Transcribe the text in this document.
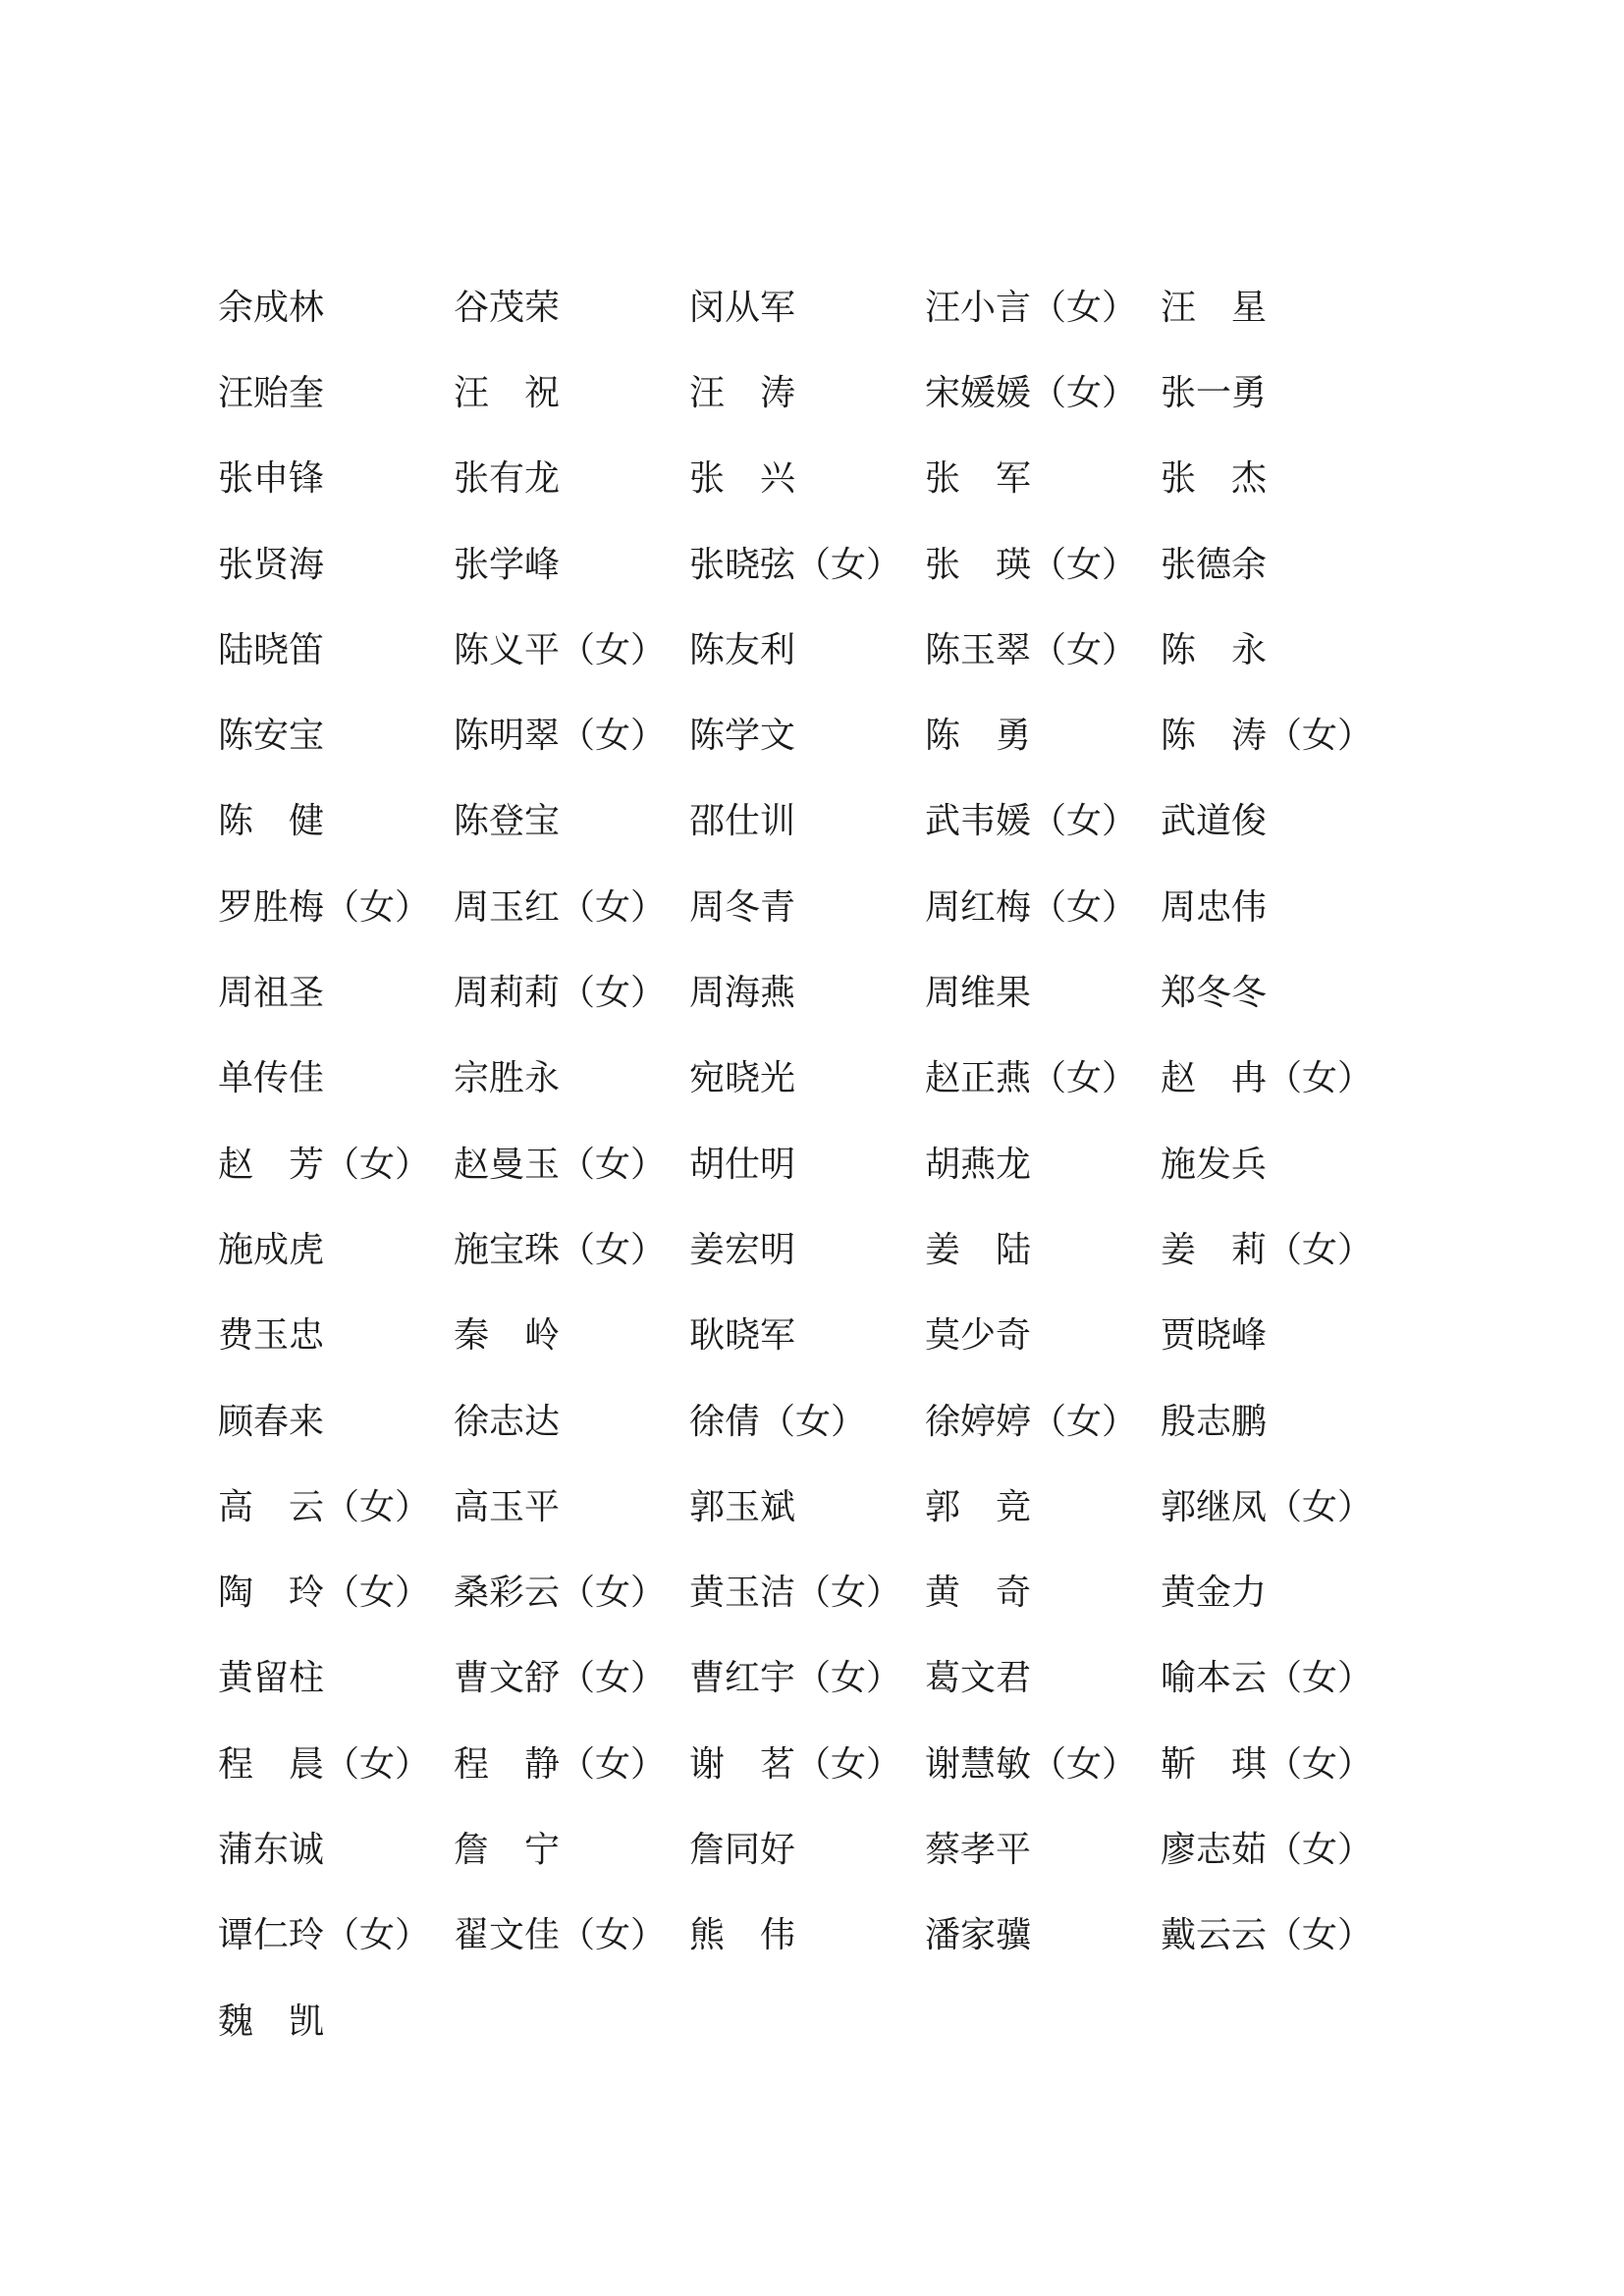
余成林	谷茂荣	闵从军	汪小言（女） 汪　星
汪贻奎	汪　祝	汪　涛	宋媛媛（女） 张一勇
张申锋	张有龙	张　兴	张　军	张　杰
张贤海	张学峰	张晓弦（女） 张　瑛（女） 张德余
陆晓笛	陈义平（女） 陈友利	陈玉翠（女） 陈　永
陈安宝	陈明翠（女） 陈学文	陈　勇	陈　涛（女）
陈　健	陈登宝	邵仕训	武韦媛（女） 武道俊
罗胜梅（女） 周玉红（女） 周冬青	周红梅（女） 周忠伟
周祖圣	周莉莉（女） 周海燕	周维果	郑冬冬
单传佳	宗胜永	宛晓光	赵正燕（女） 赵　冉（女）
赵　芳（女） 赵曼玉（女） 胡仕明	胡燕龙	施发兵
施成虎	施宝珠（女） 姜宏明	姜　陆	姜　莉（女）
费玉忠	秦　岭	耿晓军	莫少奇	贾晓峰
顾春来	徐志达	徐倩（女）	徐婷婷（女） 殷志鹏
高　云（女） 高玉平	郭玉斌	郭　竞	郭继凤（女）
陶　玲（女） 桑彩云（女） 黄玉洁（女） 黄　奇	黄金力
黄留柱	曹文舒（女） 曹红宇（女） 葛文君	喻本云（女）
程　晨（女） 程　静（女） 谢　茗（女） 谢慧敏（女） 靳　琪（女）
蒲东诚	詹　宁	詹同好	蔡孝平	廖志茹（女）
谭仁玲（女） 翟文佳（女） 熊　伟	潘家骥	戴云云（女）
魏　凯
